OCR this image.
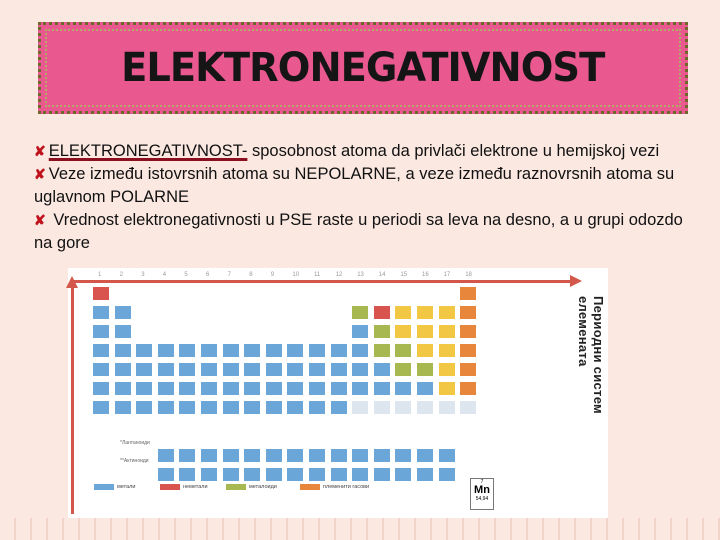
ELEKTRONEGATIVNOST
✘ ELEKTRONEGATIVNOST- sposobnost atoma da privlači elektrone u hemijskoj vezi
✘ Veze između istovrsnih atoma su NEPOLARNE, a veze između raznovrsnih atoma su uglavnom POLARNE
✘ Vrednost elektronegativnosti u PSE raste u periodi sa leva na desno, a u grupi odozdo na gore
1	2	3	4	5	6	7	8	9	10 11	12 13 14 15 16 17 18
Периодни систем елемената
*Лантаноиди
**Актиноиди
метали	неметали	металоиди	племенити гасови
7
Mn
54,94
